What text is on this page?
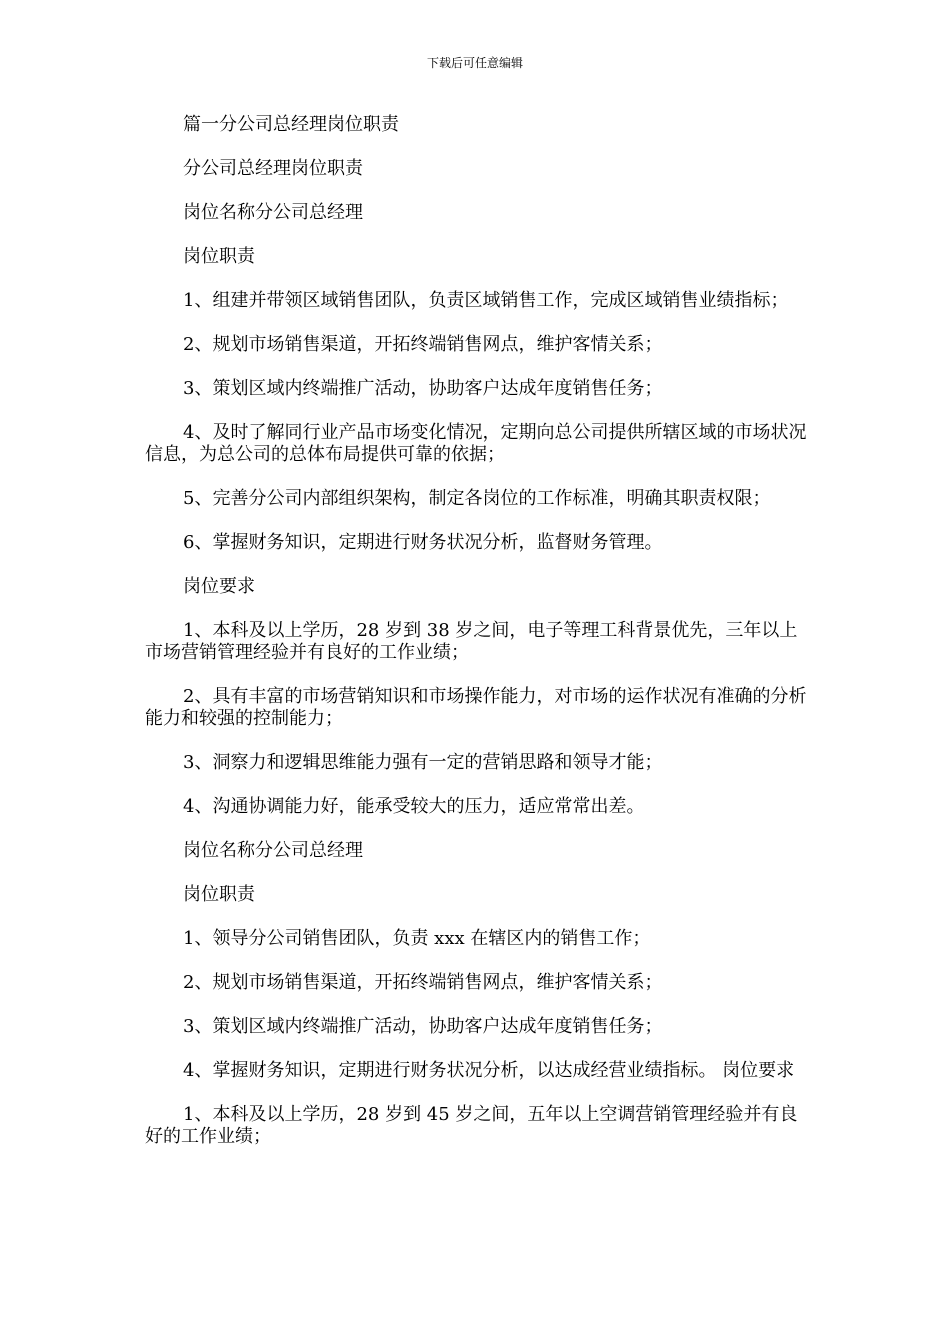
下载后可任意编辑

篇一分公司总经理岗位职责

分公司总经理岗位职责

岗位名称分公司总经理

岗位职责

1、组建并带领区域销售团队，负责区域销售工作，完成区域销售业绩指标；

2、规划市场销售渠道，开拓终端销售网点，维护客情关系；

3、策划区域内终端推广活动，协助客户达成年度销售任务；

4、及时了解同行业产品市场变化情况，定期向总公司提供所辖区域的市场状况信息，为总公司的总体布局提供可靠的依据；

5、完善分公司内部组织架构，制定各岗位的工作标准，明确其职责权限；

6、掌握财务知识，定期进行财务状况分析，监督财务管理。

岗位要求

1、本科及以上学历，28 岁到 38 岁之间，电子等理工科背景优先，三年以上市场营销管理经验并有良好的工作业绩；

2、具有丰富的市场营销知识和市场操作能力，对市场的运作状况有准确的分析能力和较强的控制能力；

3、洞察力和逻辑思维能力强有一定的营销思路和领导才能；

4、沟通协调能力好，能承受较大的压力，适应常常出差。

岗位名称分公司总经理

岗位职责

1、领导分公司销售团队，负责 xxx 在辖区内的销售工作；

2、规划市场销售渠道，开拓终端销售网点，维护客情关系；

3、策划区域内终端推广活动，协助客户达成年度销售任务；

4、掌握财务知识，定期进行财务状况分析，以达成经营业绩指标。 岗位要求

1、本科及以上学历，28 岁到 45 岁之间，五年以上空调营销管理经验并有良好的工作业绩；
